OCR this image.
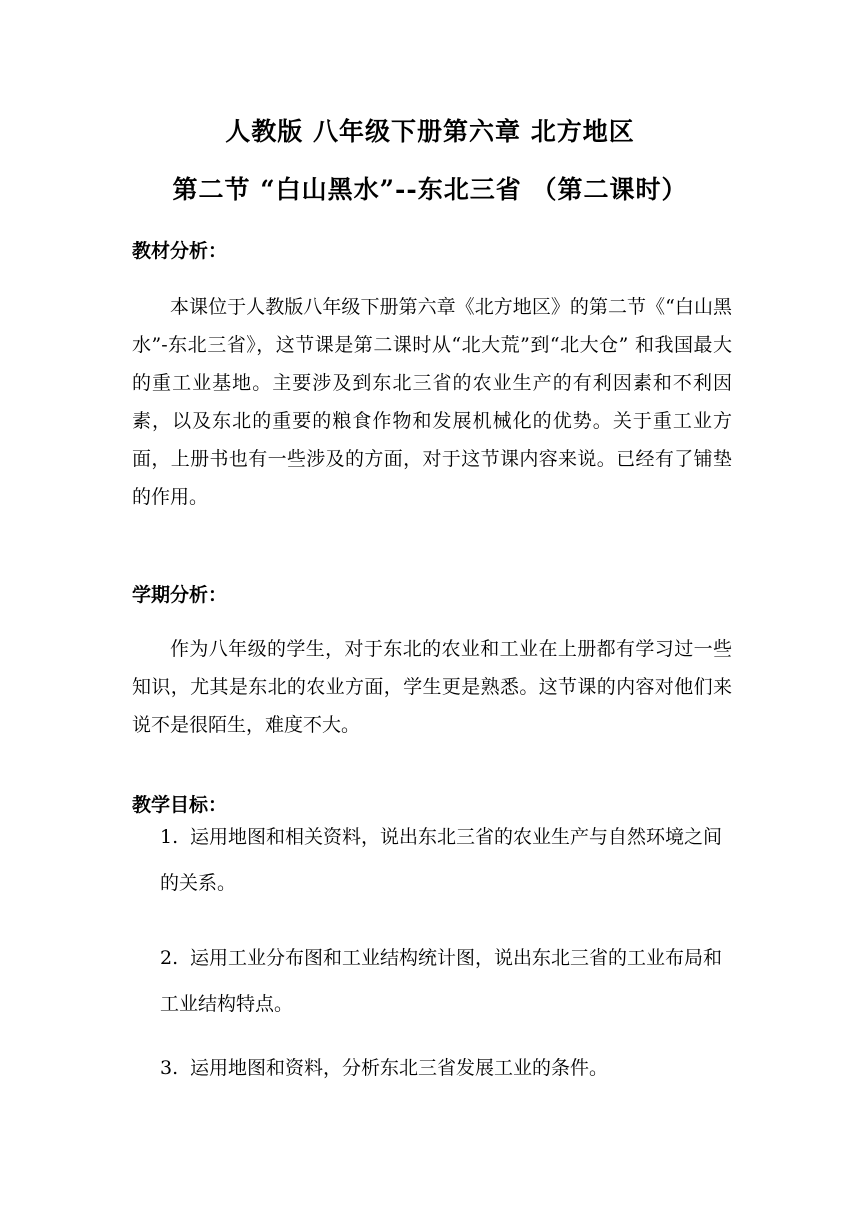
人教版 八年级下册第六章 北方地区
第二节 “白山黑水”--东北三省 （第二课时）
教材分析：

本课位于人教版八年级下册第六章《北方地区》的第二节《“白山黑水”-东北三省》，这节课是第二课时从“北大荒”到“北大仓” 和我国最大的重工业基地。主要涉及到东北三省的农业生产的有利因素和不利因素，以及东北的重要的粮食作物和发展机械化的优势。关于重工业方面，上册书也有一些涉及的方面，对于这节课内容来说。已经有了铺垫的作用。

学期分析：

作为八年级的学生，对于东北的农业和工业在上册都有学习过一些知识，尤其是东北的农业方面，学生更是熟悉。这节课的内容对他们来说不是很陌生，难度不大。

教学目标：

1. 运用地图和相关资料，说出东北三省的农业生产与自然环境之间的关系。

2. 运用工业分布图和工业结构统计图，说出东北三省的工业布局和工业结构特点。

3. 运用地图和资料，分析东北三省发展工业的条件。
